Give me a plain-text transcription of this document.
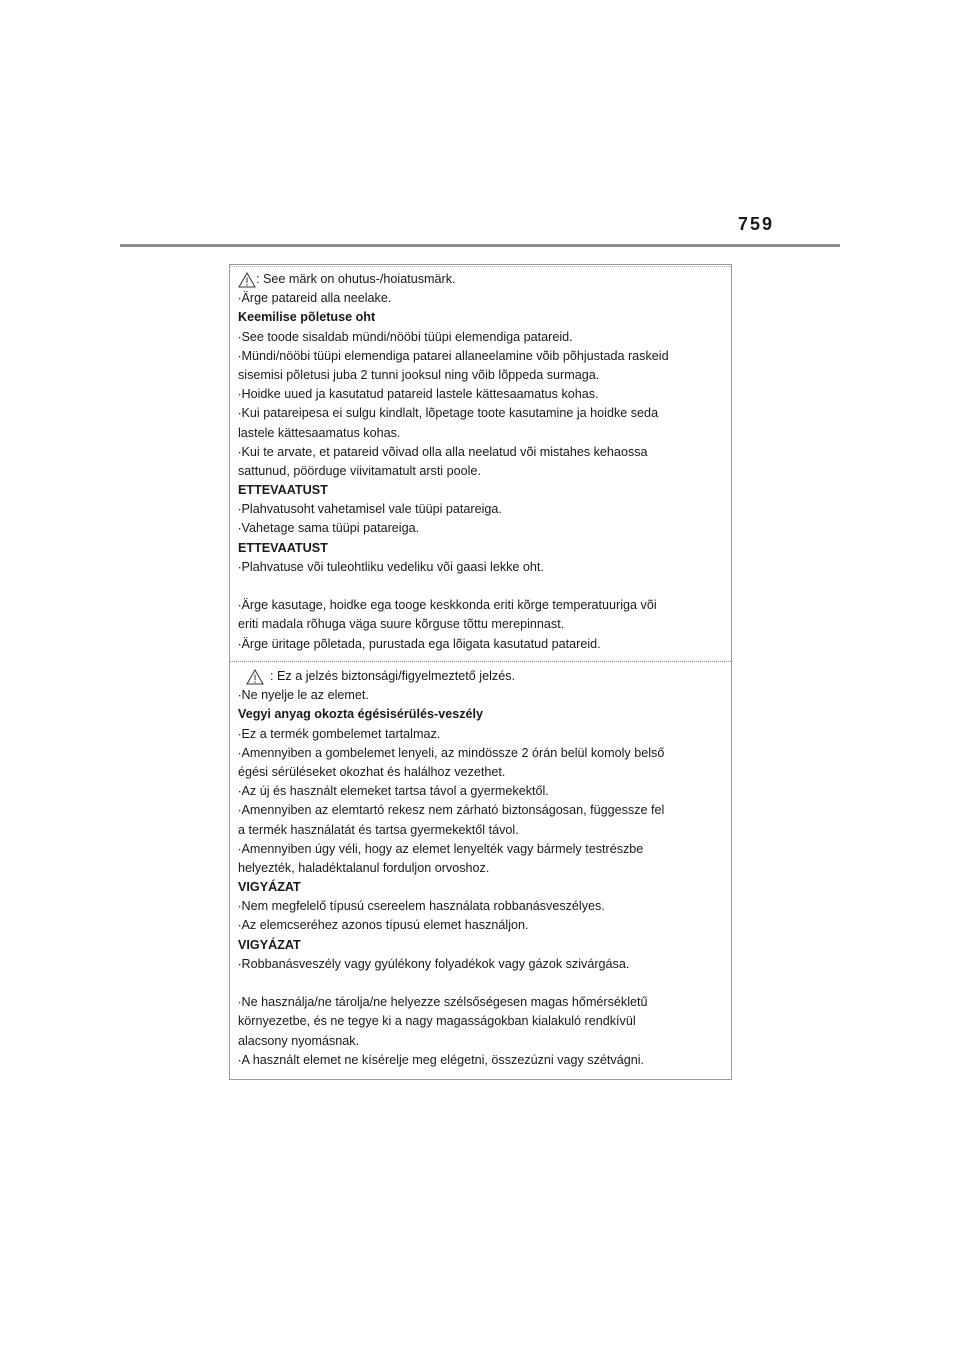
759
: See märk on ohutus-/hoiatusmärk.
∙Ärge patareid alla neelake.
Keemilise põletuse oht
∙See toode sisaldab mündi/nööbi tüüpi elemendiga patareid.
∙Mündi/nööbi tüüpi elemendiga patarei allaneelamine võib põhjustada raskeid
sisemisi põletusi juba 2 tunni jooksul ning võib lõppeda surmaga.
∙Hoidke uued ja kasutatud patareid lastele kättesaamatus kohas.
∙Kui patareipesa ei sulgu kindlalt, lõpetage toote kasutamine ja hoidke seda
lastele kättesaamatus kohas.
∙Kui te arvate, et patareid võivad olla alla neelatud või mistahes kehaossa
sattunud, pöörduge viivitamatult arsti poole.
ETTEVAATUST
∙Plahvatusoht vahetamisel vale tüüpi patareiga.
∙Vahetage sama tüüpi patareiga.
ETTEVAATUST
∙Plahvatuse või tuleohtliku vedeliku või gaasi lekke oht.
∙Ärge kasutage, hoidke ega tooge keskkonda eriti kõrge temperatuuriga või
eriti madala rõhuga väga suure kõrguse tõttu merepinnast.
∙Ärge üritage põletada, purustada ega lõigata kasutatud patareid.
: Ez a jelzés biztonsági/figyelmeztető jelzés.
∙Ne nyelje le az elemet.
Vegyi anyag okozta égésisérülés-veszély
∙Ez a termék gombelemet tartalmaz.
∙Amennyiben a gombelemet lenyeli, az mindössze 2 órán belül komoly belső
égési sérüléseket okozhat és halálhoz vezethet.
∙Az új és használt elemeket tartsa távol a gyermekektől.
∙Amennyiben az elemtartó rekesz nem zárható biztonságosan, függessze fel
a termék használatát és tartsa gyermekektől távol.
∙Amennyiben úgy véli, hogy az elemet lenyelték vagy bármely testrészbe
helyezték, haladéktalanul forduljon orvoshoz.
VIGYÁZAT
∙Nem megfelelő típusú csereelem használata robbanásveszélyes.
∙Az elemcseréhez azonos típusú elemet használjon.
VIGYÁZAT
∙Robbanásveszély vagy gyúlékony folyadékok vagy gázok szivárgása.
∙Ne használja/ne tárolja/ne helyezze szélsőségesen magas hőmérsékletű
környezetbe, és ne tegye ki a nagy magasságokban kialakuló rendkívül
alacsony nyomásnak.
∙A használt elemet ne kísérelje meg elégetni, összezúzni vagy szétvágni.
